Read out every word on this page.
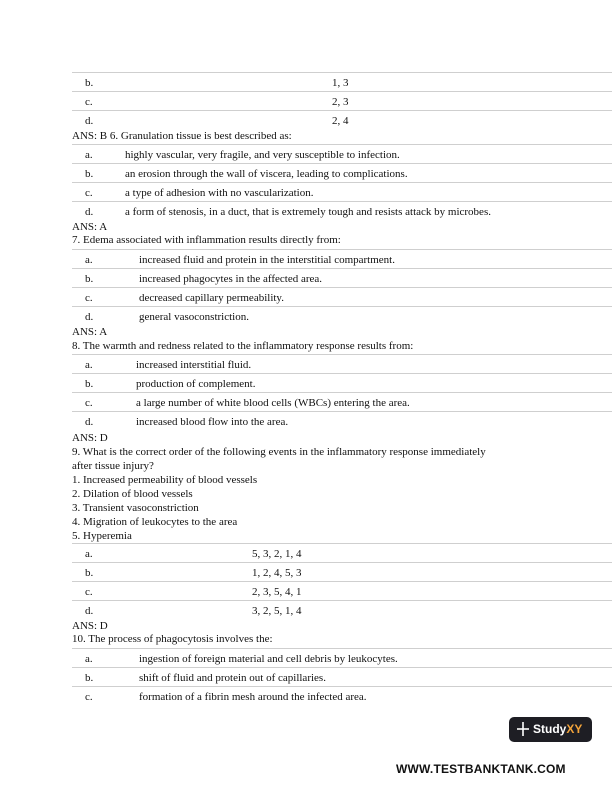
b.	1, 3
c.	2, 3
d.	2, 4
ANS: B 6. Granulation tissue is best described as:
a.	highly vascular, very fragile, and very susceptible to infection.
b.	an erosion through the wall of viscera, leading to complications.
c.	a type of adhesion with no vascularization.
d.	a form of stenosis, in a duct, that is extremely tough and resists attack by microbes.
ANS: A
7. Edema associated with inflammation results directly from:
a.	increased fluid and protein in the interstitial compartment.
b.	increased phagocytes in the affected area.
c.	decreased capillary permeability.
d.	general vasoconstriction.
ANS: A
8. The warmth and redness related to the inflammatory response results from:
a.	increased interstitial fluid.
b.	production of complement.
c.	a large number of white blood cells (WBCs) entering the area.
d.	increased blood flow into the area.
ANS: D
9. What is the correct order of the following events in the inflammatory response immediately
after tissue injury?
1. Increased permeability of blood vessels
2. Dilation of blood vessels
3. Transient vasoconstriction
4. Migration of leukocytes to the area
5. Hyperemia
a.	5, 3, 2, 1, 4
b.	1, 2, 4, 5, 3
c.	2, 3, 5, 4, 1
d.	3, 2, 5, 1, 4
ANS: D
10. The process of phagocytosis involves the:
a.	ingestion of foreign material and cell debris by leukocytes.
b.	shift of fluid and protein out of capillaries.
c.	formation of a fibrin mesh around the infected area.
StudyXY
WWW.TESTBANKTANK.COM
